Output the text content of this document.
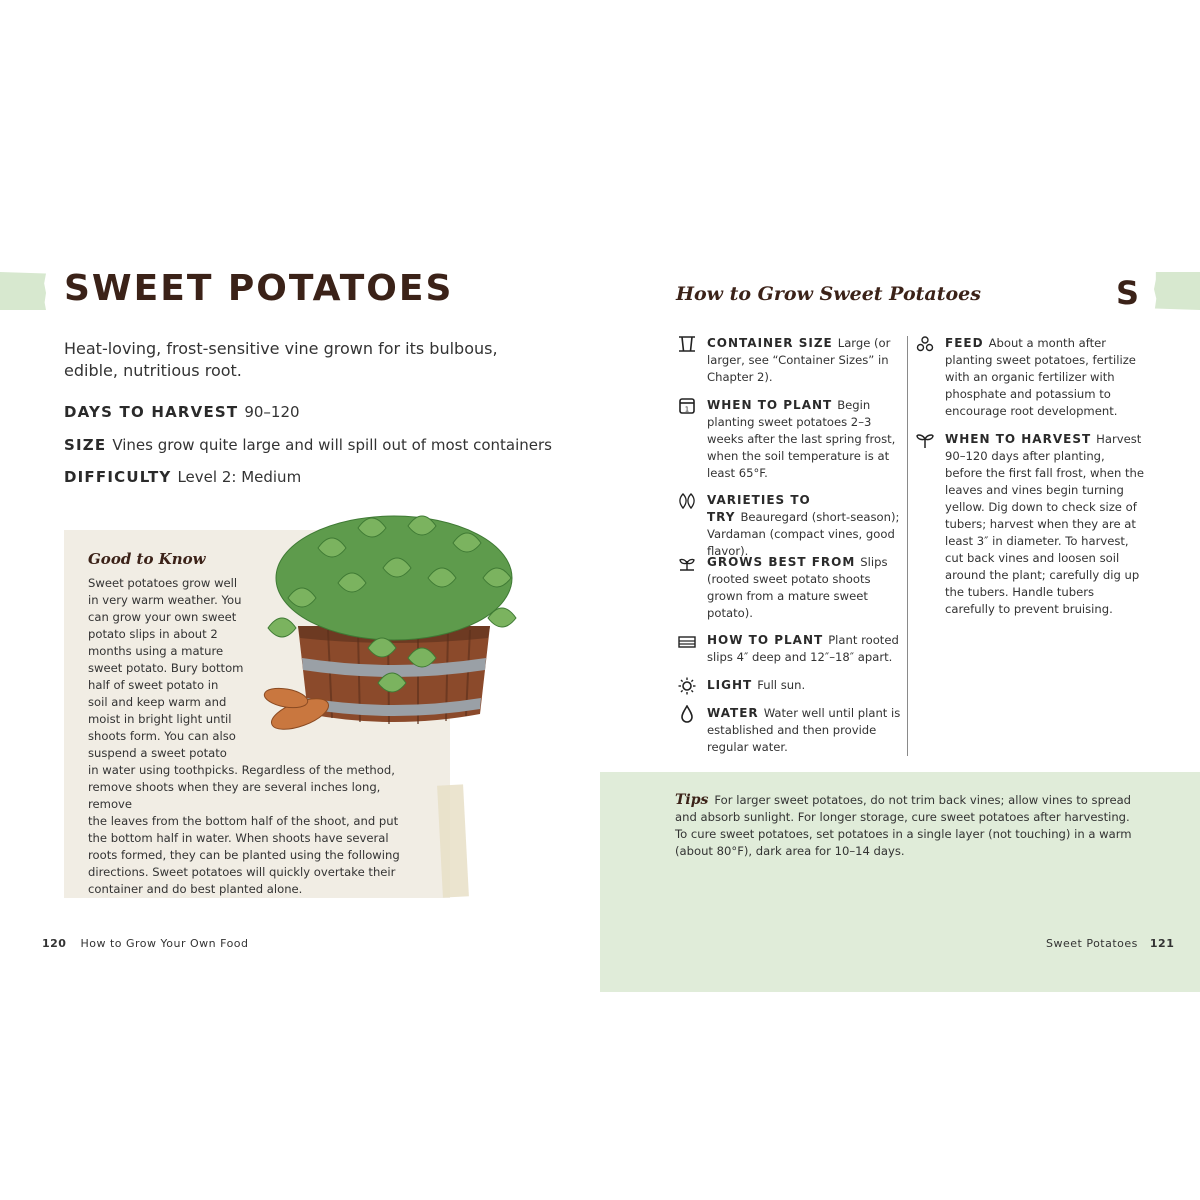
SWEET POTATOES
Heat-loving, frost-sensitive vine grown for its bulbous, edible, nutritious root.
DAYS TO HARVEST 90–120
SIZE Vines grow quite large and will spill out of most containers
DIFFICULTY Level 2: Medium
Good to Know
Sweet potatoes grow well
in very warm weather. You
can grow your own sweet
potato slips in about 2
months using a mature
sweet potato. Bury bottom
half of sweet potato in
soil and keep warm and
moist in bright light until
shoots form. You can also
suspend a sweet potato
in water using toothpicks. Regardless of the method,
remove shoots when they are several inches long, remove
the leaves from the bottom half of the shoot, and put
the bottom half in water. When shoots have several
roots formed, they can be planted using the following
directions. Sweet potatoes will quickly overtake their
container and do best planted alone.
120 How to Grow Your Own Food
How to Grow Sweet Potatoes	S
CONTAINER SIZE Large (or larger, see “Container Sizes” in Chapter 2).
1 WHEN TO PLANT Begin planting sweet potatoes 2–3 weeks after the last spring frost, when the soil temperature is at least 65°F.
VARIETIES TO TRY Beauregard (short-season); Vardaman (compact vines, good flavor).
GROWS BEST FROM Slips (rooted sweet potato shoots grown from a mature sweet potato).
HOW TO PLANT Plant rooted slips 4″ deep and 12″–18″ apart.
LIGHT Full sun.
WATER Water well until plant is established and then provide regular water.
FEED About a month after planting sweet potatoes, fertilize with an organic fertilizer with phosphate and potassium to encourage root development.
WHEN TO HARVEST Harvest 90–120 days after planting, before the first fall frost, when the leaves and vines begin turning yellow. Dig down to check size of tubers; harvest when they are at least 3″ in diameter. To harvest, cut back vines and loosen soil around the plant; carefully dig up the tubers. Handle tubers carefully to prevent bruising.
Tips For larger sweet potatoes, do not trim back vines; allow vines to spread and absorb sunlight. For longer storage, cure sweet potatoes after harvesting. To cure sweet potatoes, set potatoes in a single layer (not touching) in a warm (about 80°F), dark area for 10–14 days.
Sweet Potatoes 121
